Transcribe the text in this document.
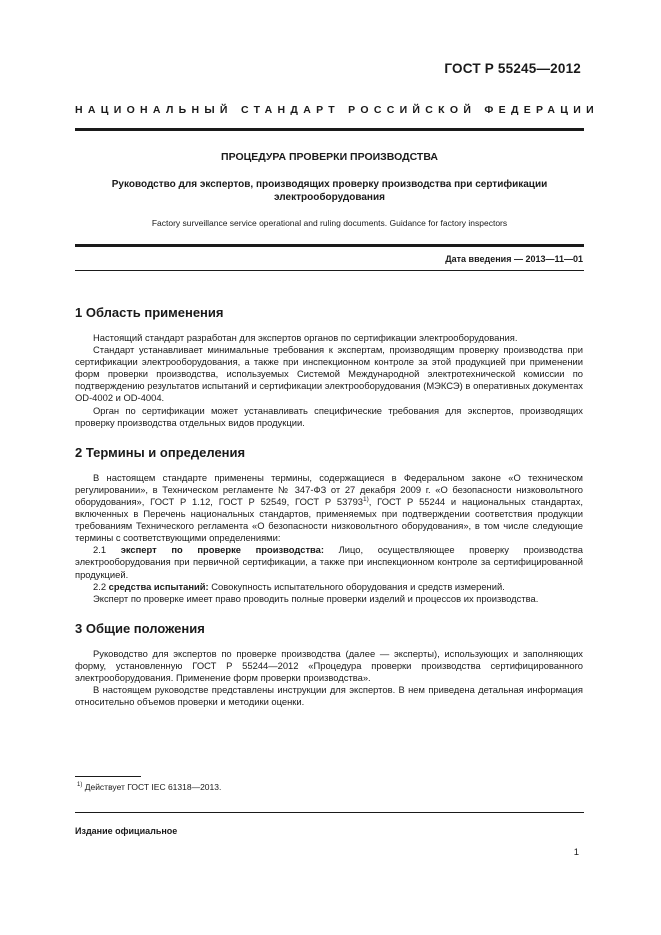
ГОСТ Р 55245—2012
НАЦИОНАЛЬНЫЙ СТАНДАРТ РОССИЙСКОЙ ФЕДЕРАЦИИ
ПРОЦЕДУРА ПРОВЕРКИ ПРОИЗВОДСТВА
Руководство для экспертов, производящих проверку производства при сертификации электрооборудования
Factory surveillance service operational and ruling documents. Guidance for factory inspectors
Дата введения — 2013—11—01
1 Область применения

Настоящий стандарт разработан для экспертов органов по сертификации электрооборудования.

Стандарт устанавливает минимальные требования к экспертам, производящим проверку производства при сертификации электрооборудования, а также при инспекционном контроле за этой продукцией при применении форм проверки производства, используемых Системой Международной электротехнической комиссии по подтверждению результатов испытаний и сертификации электрооборудования (МЭКСЭ) в оперативных документах OD-4002 и OD-4004.

Орган по сертификации может устанавливать специфические требования для экспертов, производящих проверку производства отдельных видов продукции.

2 Термины и определения

В настоящем стандарте применены термины, содержащиеся в Федеральном законе «О техническом регулировании», в Техническом регламенте № 347-ФЗ от 27 декабря 2009 г. «О безопасности низковольтного оборудования», ГОСТ Р 1.12, ГОСТ Р 52549, ГОСТ Р 53793$^{1)}$, ГОСТ Р 55244 и национальных стандартах, включенных в Перечень национальных стандартов, применяемых при подтверждении соответствия продукции требованиям Технического регламента «О безопасности низковольтного оборудования», в том числе следующие термины с соответствующими определениями:

2.1 эксперт по проверке производства: Лицо, осуществляющее проверку производства электрооборудования при первичной сертификации, а также при инспекционном контроле за сертифицированной продукцией.

2.2 средства испытаний: Совокупность испытательного оборудования и средств измерений.

Эксперт по проверке имеет право проводить полные проверки изделий и процессов их производства.

3 Общие положения

Руководство для экспертов по проверке производства (далее — эксперты), использующих и заполняющих форму, установленную ГОСТ Р 55244—2012 «Процедура проверки производства сертифицированного электрооборудования. Применение форм проверки производства».

В настоящем руководстве представлены инструкции для экспертов. В нем приведена детальная информация относительно объемов проверки и методики оценки.

$^{1)}$ Действует ГОСТ IEC 61318—2013.
Издание официальное
1
